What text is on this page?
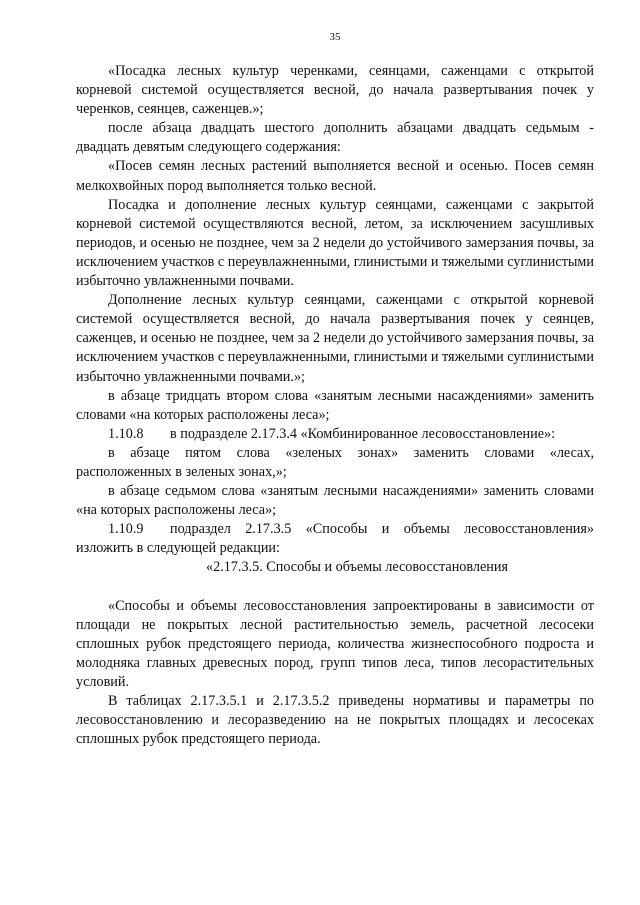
35

«Посадка лесных культур черенками, сеянцами, саженцами с открытой корневой системой осуществляется весной, до начала развертывания почек у черенков, сеянцев, саженцев.»;

после абзаца двадцать шестого дополнить абзацами двадцать седьмым - двадцать девятым следующего содержания:

«Посев семян лесных растений выполняется весной и осенью. Посев семян мелкохвойных пород выполняется только весной.

Посадка и дополнение лесных культур сеянцами, саженцами с закрытой корневой системой осуществляются весной, летом, за исключением засушливых периодов, и осенью не позднее, чем за 2 недели до устойчивого замерзания почвы, за исключением участков с переувлажненными, глинистыми и тяжелыми суглинистыми избыточно увлажненными почвами.

Дополнение лесных культур сеянцами, саженцами с открытой корневой системой осуществляется весной, до начала развертывания почек у сеянцев, саженцев, и осенью не позднее, чем за 2 недели до устойчивого замерзания почвы, за исключением участков с переувлажненными, глинистыми и тяжелыми суглинистыми избыточно увлажненными почвами.»;

в абзаце тридцать втором слова «занятым лесными насаждениями» заменить словами «на которых расположены леса»;

1.10.8 в подразделе 2.17.3.4 «Комбинированное лесовосстановление»:

в абзаце пятом слова «зеленых зонах» заменить словами «лесах, расположенных в зеленых зонах,»;

в абзаце седьмом слова «занятым лесными насаждениями» заменить словами «на которых расположены леса»;

1.10.9 подраздел 2.17.3.5 «Способы и объемы лесовосстановления» изложить в следующей редакции:

«2.17.3.5. Способы и объемы лесовосстановления

«Способы и объемы лесовосстановления запроектированы в зависимости от площади не покрытых лесной растительностью земель, расчетной лесосеки сплошных рубок предстоящего периода, количества жизнеспособного подроста и молодняка главных древесных пород, групп типов леса, типов лесорастительных условий.

В таблицах 2.17.3.5.1 и 2.17.3.5.2 приведены нормативы и параметры по лесовосстановлению и лесоразведению на не покрытых площадях и лесосеках сплошных рубок предстоящего периода.
